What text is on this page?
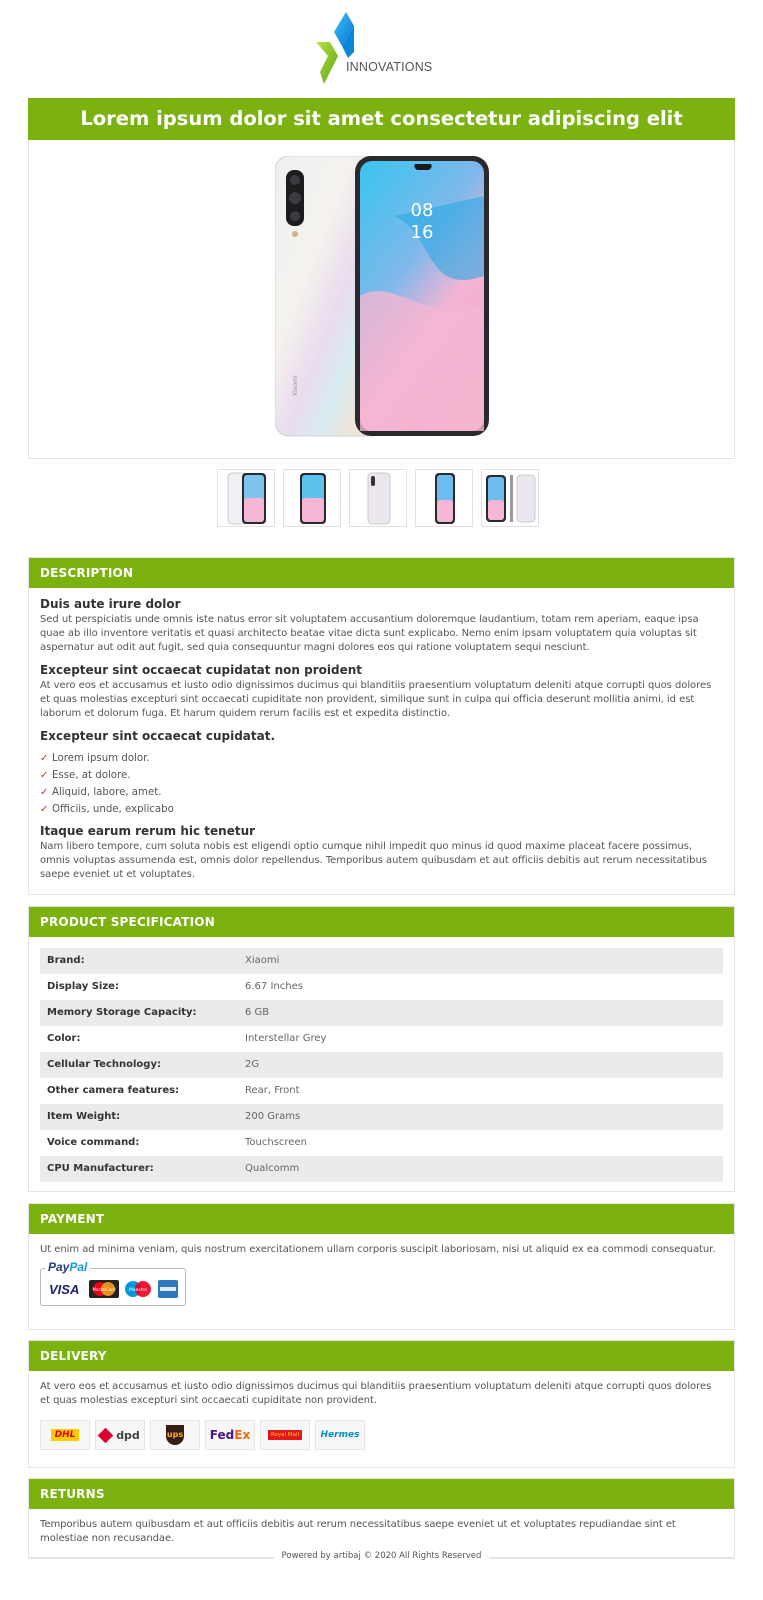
INNOVATIONS
Lorem ipsum dolor sit amet consectetur adipiscing elit
Xiaomi
08
16
DESCRIPTION
Duis aute irure dolor
Sed ut perspiciatis unde omnis iste natus error sit voluptatem accusantium doloremque laudantium, totam rem aperiam, eaque ipsa quae ab illo inventore veritatis et quasi architecto beatae vitae dicta sunt explicabo. Nemo enim ipsam voluptatem quia voluptas sit aspernatur aut odit aut fugit, sed quia consequuntur magni dolores eos qui ratione voluptatem sequi nesciunt.
Excepteur sint occaecat cupidatat non proident
At vero eos et accusamus et iusto odio dignissimos ducimus qui blanditiis praesentium voluptatum deleniti atque corrupti quos dolores et quas molestias excepturi sint occaecati cupiditate non provident, similique sunt in culpa qui officia deserunt mollitia animi, id est laborum et dolorum fuga. Et harum quidem rerum facilis est et expedita distinctio.
Excepteur sint occaecat cupidatat.
✓ Lorem ipsum dolor.
✓ Esse, at dolore.
✓ Aliquid, labore, amet.
✓ Officiis, unde, explicabo
Itaque earum rerum hic tenetur
Nam libero tempore, cum soluta nobis est eligendi optio cumque nihil impedit quo minus id quod maxime placeat facere possimus, omnis voluptas assumenda est, omnis dolor repellendus. Temporibus autem quibusdam et aut officiis debitis aut rerum necessitatibus saepe eveniet ut et voluptates.
PRODUCT SPECIFICATION
Brand:	Xiaomi
Display Size:	6.67 Inches
Memory Storage Capacity:	6 GB
Color:	Interstellar Grey
Cellular Technology:	2G
Other camera features:	Rear, Front
Item Weight:	200 Grams
Voice command:	Touchscreen
CPU Manufacturer:	Qualcomm
PAYMENT
Ut enim ad minima veniam, quis nostrum exercitationem ullam corporis suscipit laboriosam, nisi ut aliquid ex ea commodi consequatur.
PayPal
VISA	MasterCard	Maestro
DELIVERY
At vero eos et accusamus et iusto odio dignissimos ducimus qui blanditiis praesentium voluptatum deleniti atque corrupti quos dolores et quas molestias excepturi sint occaecati cupiditate non provident.
DHL	dpd	ups Fed Ex	Royal Mail	Hermes
RETURNS
Temporibus autem quibusdam et aut officiis debitis aut rerum necessitatibus saepe eveniet ut et voluptates repudiandae sint et molestiae non recusandae.
Powered by artibaj © 2020 All Rights Reserved
